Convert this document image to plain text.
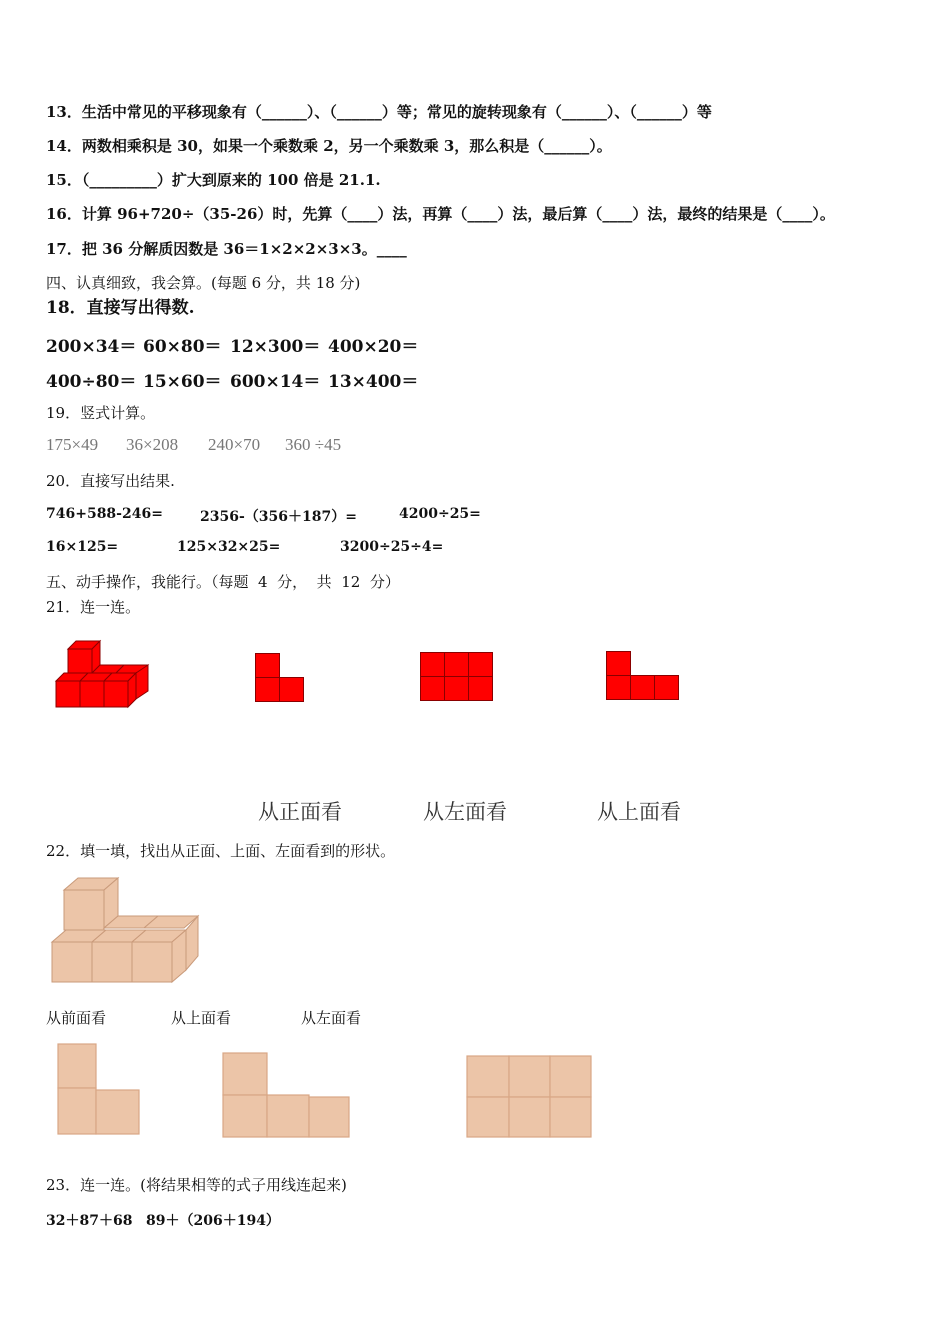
13．生活中常见的平移现象有（______）、（______）等；常见的旋转现象有（______）、（______）等
14．两数相乘积是 30，如果一个乘数乘 2，另一个乘数乘 3，那么积是（______）。
15．（_________）扩大到原来的 100 倍是 21.1.
16．计算 96+720÷（35-26）时，先算（____）法，再算（____）法，最后算（____）法，最终的结果是（____）。
17．把 36 分解质因数是 36＝1×2×2×3×3。____
四、认真细致，我会算。(每题 6 分，共 18 分)
18．直接写出得数.
200×34＝ 60×80＝ 12×300＝ 400×20＝
400÷80＝ 15×60＝ 600×14＝ 13×400＝
19．竖式计算。
175×49 36×208 240×70 360 ÷45
20．直接写出结果.
746+588-246=	2356-（356＋187）=	4200÷25=
16×125=	125×32×25=	3200÷25÷4=
五、动手操作，我能行。（每题  4  分，  共  12  分）
21．连一连。
从正面看	从左面看	从上面看
22．填一填，找出从正面、上面、左面看到的形状。
从前面看	从上面看	从左面看
23．连一连。(将结果相等的式子用线连起来)
32＋87＋68 89＋（206＋194）
